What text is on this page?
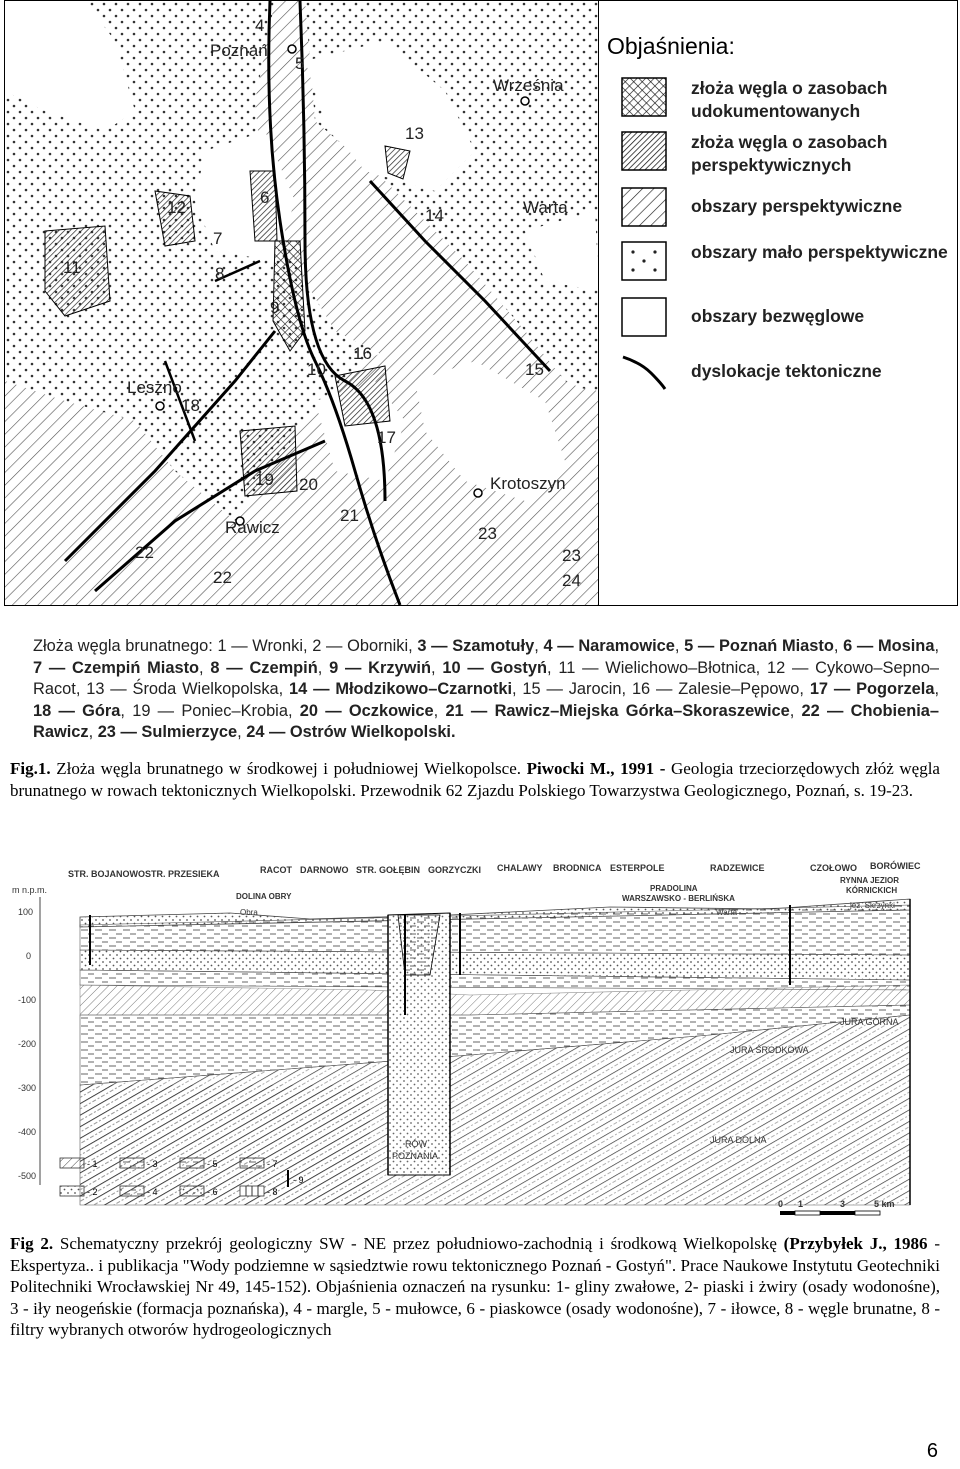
Poznań
Września
Warta
Leszno
Rawicz
Krotoszyn
4
5
6
7
8
9
10
11
12
13
14
15
16
17
18
19 20
21
22
22
23
23
24
Objaśnienia:
złoża węgla o zasobach udokumentowanych
złoża węgla o zasobach perspektywicznych
obszary perspektywiczne
obszary mało perspektywiczne
obszary bezwęglowe
dyslokacje tektoniczne
Złoża węgla brunatnego: 1 — Wronki, 2 — Oborniki, 3 — Szamotuły, 4 — Naramowice, 5 — Poznań Miasto, 6 — Mosina, 7 — Czempiń Miasto, 8 — Czempiń, 9 — Krzywiń, 10 — Gostyń, 11 — Wielichowo–Błotnica, 12 — Cykowo–Sepno–Racot, 13 — Środa Wielkopolska, 14 — Młodzikowo–Czarnotki, 15 — Jarocin, 16 — Zalesie–Pępowo, 17 — Pogorzela, 18 — Góra, 19 — Poniec–Krobia, 20 — Oczkowice, 21 — Rawicz–Miejska Górka–Skoraszewice, 22 — Chobienia–Rawicz, 23 — Sulmierzyce, 24 — Ostrów Wielkopolski.
Fig.1. Złoża węgla brunatnego w środkowej i południowej Wielkopolsce. Piwocki M., 1991 - Geologia trzeciorzędowych złóż węgla brunatnego w rowach tektonicznych Wielkopolski. Przewodnik 62 Zjazdu Polskiego Towarzystwa Geologicznego, Poznań, s. 19-23.
STR. BOJANOWO STR. PRZESIEKA	RACOT DARNOWO STR. GOŁĘBIN GORZYCZKI CHALAWY BRODNICA ESTERPOLE	RADZEWICE	CZOŁOWO BORÓWIEC
DOLINA OBRY
Obra
PRADOLINA
WARSZAWSKO - BERLIŃSKA
RYNNA JEZIOR
KÓRNICKICH
m n.p.m.
100
0
-100
-200
-300
-400
-500
JURA GÓRNA
JURA ŚRODKOWA
JURA DOLNA
RÓW
POZNANIA
- 1
- 2
- 3
- 4
- 5
- 6
- 7
- 8
- 9
0 1	3	5 km
Fig 2. Schematyczny przekrój geologiczny SW - NE przez południowo-zachodnią i środkową Wielkopolskę (Przybyłek J., 1986 - Ekspertyza.. i publikacja "Wody podziemne w sąsiedztwie rowu tektonicznego Poznań - Gostyń". Prace Naukowe Instytutu Geotechniki Politechniki Wrocławskiej Nr 49, 145-152). Objaśnienia oznaczeń na rysunku: 1- gliny zwałowe, 2- piaski i żwiry (osady wodonośne), 3 - iły neogeńskie (formacja poznańska), 4 - margle, 5 - mułowce, 6 - piaskowce (osady wodonośne), 7 - iłowce, 8 - węgle brunatne, 8 - filtry wybranych otworów hydrogeologicznych
6
